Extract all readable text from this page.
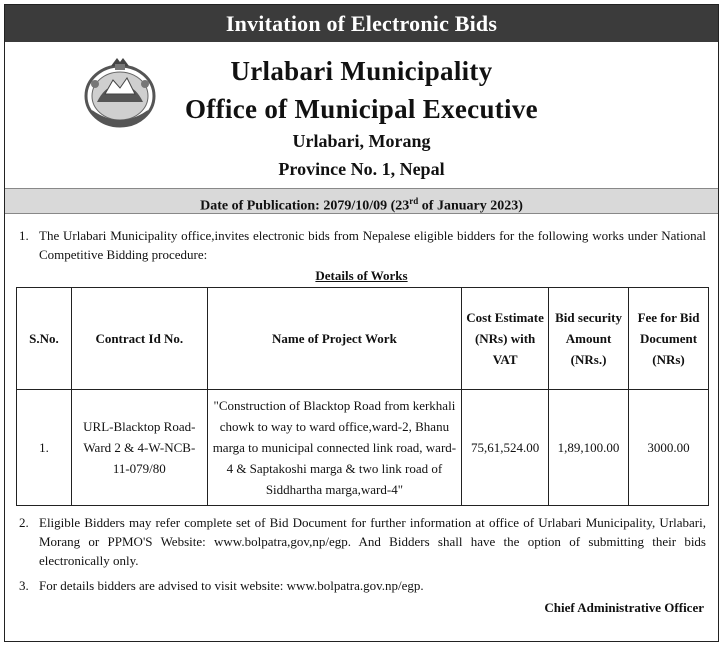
Invitation of Electronic Bids
Urlabari Municipality
Office of Municipal Executive
Urlabari, Morang
Province No. 1, Nepal
Date of Publication: 2079/10/09 (23rd of January 2023)
1. The Urlabari Municipality office,invites electronic bids from Nepalese eligible bidders for the following works under National Competitive Bidding procedure:
Details of Works
S.No.	Contract Id No.	Name of Project Work	Cost Estimate (NRs) with VAT	Bid security Amount (NRs.)	Fee for Bid Document (NRs)
1.	URL-Blacktop Road-Ward 2 & 4-W-NCB-11-079/80	"Construction of Blacktop Road from kerkhali chowk to way to ward office,ward-2, Bhanu marga to municipal connected link road, ward-4 & Saptakoshi marga & two link road of Siddhartha marga,ward-4"	75,61,524.00	1,89,100.00	3000.00
2. Eligible Bidders may refer complete set of Bid Document for further information at office of Urlabari Municipality, Urlabari, Morang or PPMO'S Website: www.bolpatra,gov,np/egp. And Bidders shall have the option of submitting their bids electronically only.
3. For details bidders are advised to visit website: www.bolpatra.gov.np/egp.
Chief Administrative Officer
